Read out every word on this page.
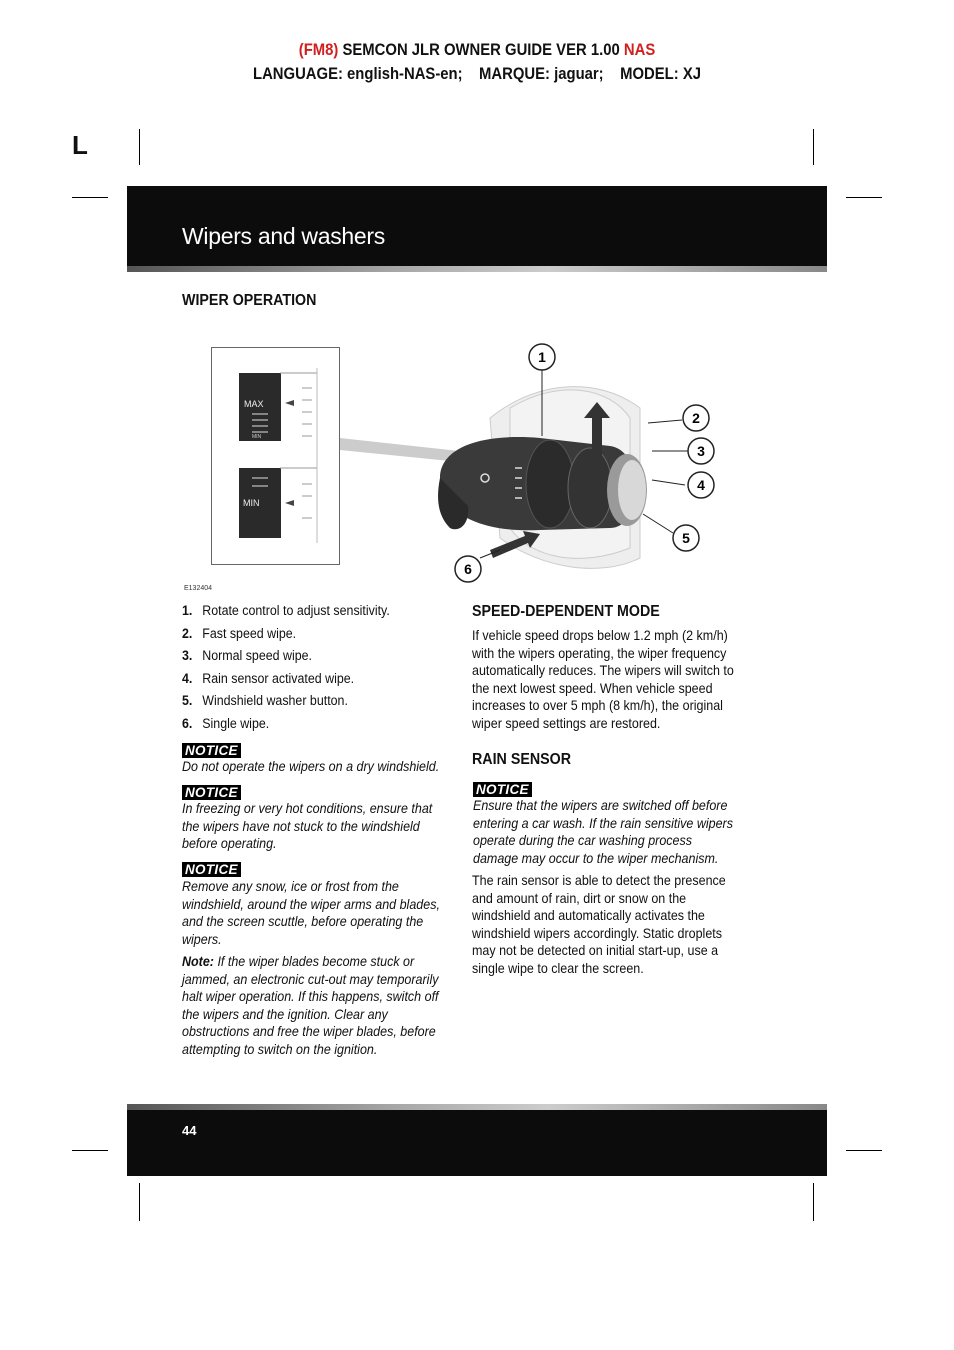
(FM8) SEMCON JLR OWNER GUIDE VER 1.00 NAS
LANGUAGE: english-NAS-en;    MARQUE: jaguar;    MODEL: XJ
L
Wipers and washers
WIPER OPERATION
MAX
MIN
MIN
1
2
3
4
5
6
E132404
1. Rotate control to adjust sensitivity.
2. Fast speed wipe.
3. Normal speed wipe.
4. Rain sensor activated wipe.
5. Windshield washer button.
6. Single wipe.
NOTICE
Do not operate the wipers on a dry windshield.
NOTICE
In freezing or very hot conditions, ensure that the wipers have not stuck to the windshield before operating.
NOTICE
Remove any snow, ice or frost from the windshield, around the wiper arms and blades, and the screen scuttle, before operating the wipers.
Note: If the wiper blades become stuck or jammed, an electronic cut-out may temporarily halt wiper operation. If this happens, switch off the wipers and the ignition. Clear any obstructions and free the wiper blades, before attempting to switch on the ignition.
SPEED-DEPENDENT MODE
If vehicle speed drops below 1.2 mph (2 km/h) with the wipers operating, the wiper frequency automatically reduces. The wipers will switch to the next lowest speed. When vehicle speed increases to over 5 mph (8 km/h), the original wiper speed settings are restored.
RAIN SENSOR
NOTICE
Ensure that the wipers are switched off before entering a car wash. If the rain sensitive wipers operate during the car washing process damage may occur to the wiper mechanism.
The rain sensor is able to detect the presence and amount of rain, dirt or snow on the windshield and automatically activates the windshield wipers accordingly. Static droplets may not be detected on initial start-up, use a single wipe to clear the screen.
44
